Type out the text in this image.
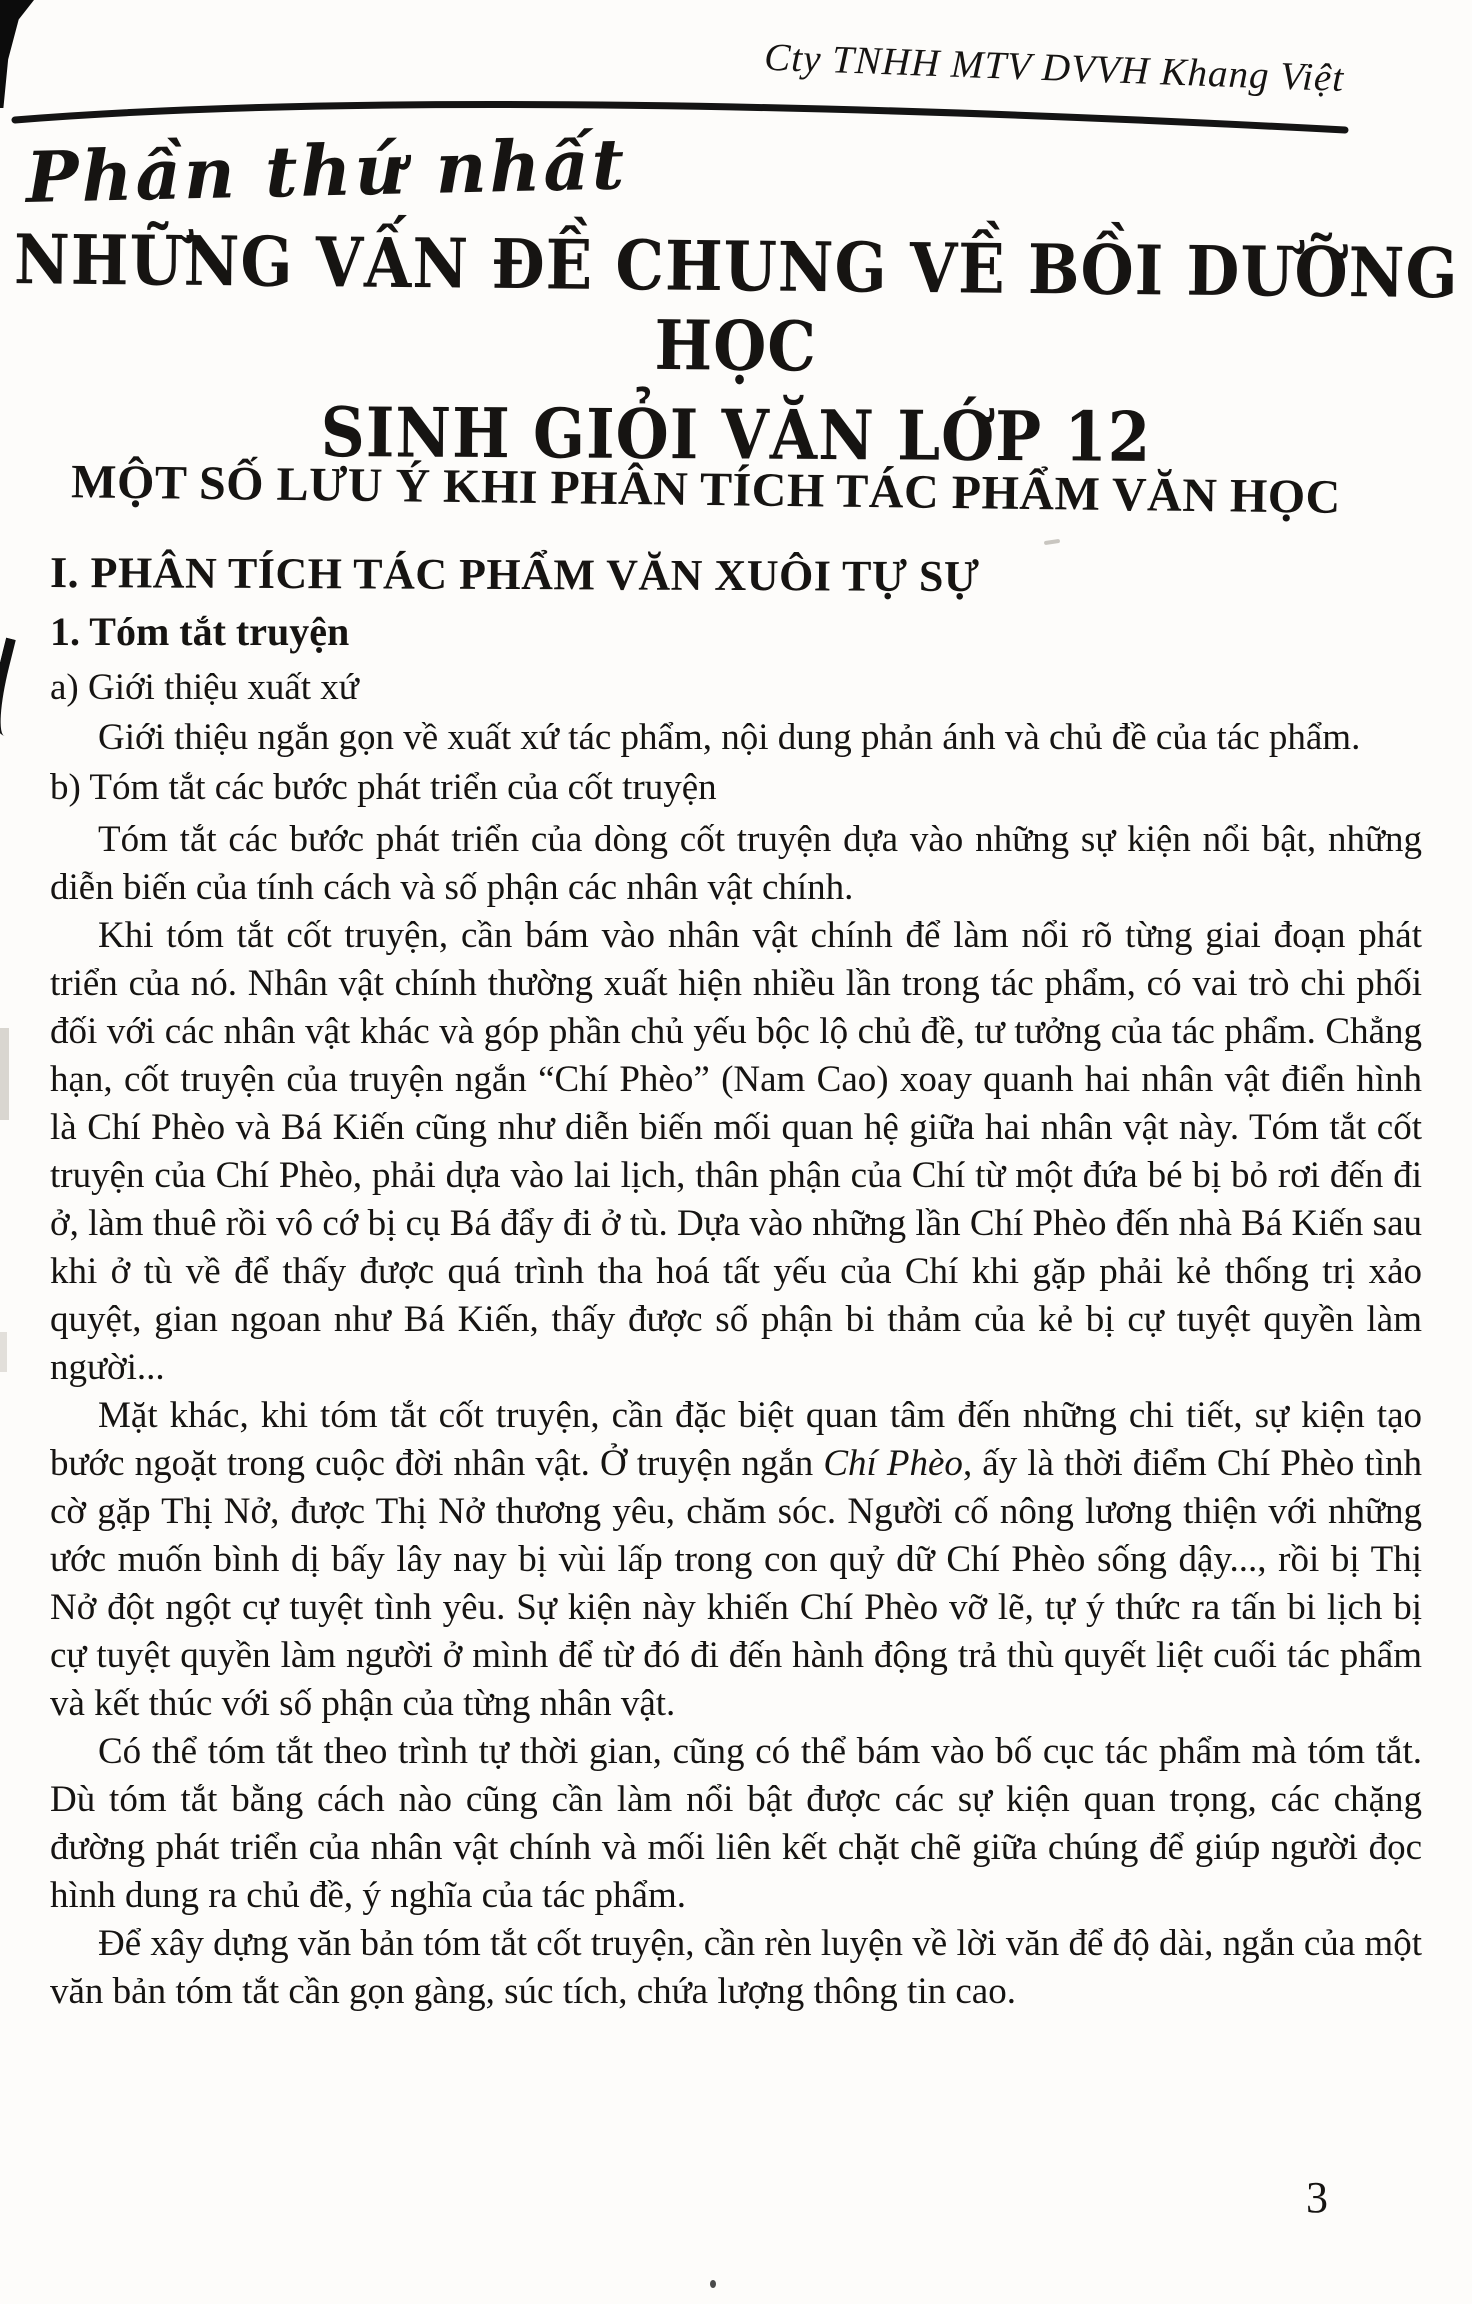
Cty TNHH MTV DVVH Khang Việt
Phần thứ nhất
NHỮNG VẤN ĐỀ CHUNG VỀ BỒI DƯỠNG HỌC
SINH GIỎI VĂN LỚP 12
MỘT SỐ LƯU Ý KHI PHÂN TÍCH TÁC PHẨM VĂN HỌC
I. PHÂN TÍCH TÁC PHẨM VĂN XUÔI TỰ SỰ
1. Tóm tắt truyện
a) Giới thiệu xuất xứ

Giới thiệu ngắn gọn về xuất xứ tác phẩm, nội dung phản ánh và chủ đề của tác phẩm.

b) Tóm tắt các bước phát triển của cốt truyện

Tóm tắt các bước phát triển của dòng cốt truyện dựa vào những sự kiện nổi bật, những diễn biến của tính cách và số phận các nhân vật chính.

Khi tóm tắt cốt truyện, cần bám vào nhân vật chính để làm nổi rõ từng giai đoạn phát triển của nó. Nhân vật chính thường xuất hiện nhiều lần trong tác phẩm, có vai trò chi phối đối với các nhân vật khác và góp phần chủ yếu bộc lộ chủ đề, tư tưởng của tác phẩm. Chẳng hạn, cốt truyện của truyện ngắn “Chí Phèo” (Nam Cao) xoay quanh hai nhân vật điển hình là Chí Phèo và Bá Kiến cũng như diễn biến mối quan hệ giữa hai nhân vật này. Tóm tắt cốt truyện của Chí Phèo, phải dựa vào lai lịch, thân phận của Chí từ một đứa bé bị bỏ rơi đến đi ở, làm thuê rồi vô cớ bị cụ Bá đẩy đi ở tù. Dựa vào những lần Chí Phèo đến nhà Bá Kiến sau khi ở tù về để thấy được quá trình tha hoá tất yếu của Chí khi gặp phải kẻ thống trị xảo quyệt, gian ngoan như Bá Kiến, thấy được số phận bi thảm của kẻ bị cự tuyệt quyền làm người...

Mặt khác, khi tóm tắt cốt truyện, cần đặc biệt quan tâm đến những chi tiết, sự kiện tạo bước ngoặt trong cuộc đời nhân vật. Ở truyện ngắn Chí Phèo, ấy là thời điểm Chí Phèo tình cờ gặp Thị Nở, được Thị Nở thương yêu, chăm sóc. Người cố nông lương thiện với những ước muốn bình dị bấy lây nay bị vùi lấp trong con quỷ dữ Chí Phèo sống dậy..., rồi bị Thị Nở đột ngột cự tuyệt tình yêu. Sự kiện này khiến Chí Phèo vỡ lẽ, tự ý thức ra tấn bi lịch bị cự tuyệt quyền làm người ở mình để từ đó đi đến hành động trả thù quyết liệt cuối tác phẩm và kết thúc với số phận của từng nhân vật.

Có thể tóm tắt theo trình tự thời gian, cũng có thể bám vào bố cục tác phẩm mà tóm tắt. Dù tóm tắt bằng cách nào cũng cần làm nổi bật được các sự kiện quan trọng, các chặng đường phát triển của nhân vật chính và mối liên kết chặt chẽ giữa chúng để giúp người đọc hình dung ra chủ đề, ý nghĩa của tác phẩm.

Để xây dựng văn bản tóm tắt cốt truyện, cần rèn luyện về lời văn để độ dài, ngắn của một văn bản tóm tắt cần gọn gàng, súc tích, chứa lượng thông tin cao.

3
